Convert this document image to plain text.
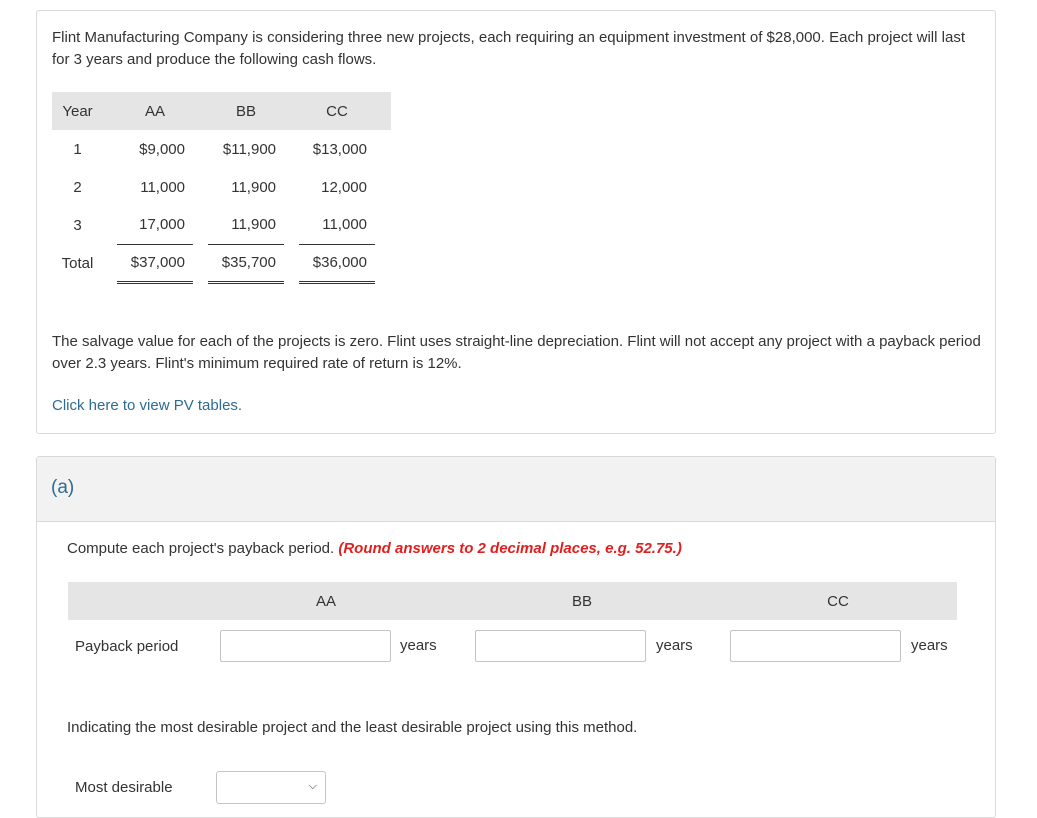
Flint Manufacturing Company is considering three new projects, each requiring an equipment investment of $28,000. Each project will last for 3 years and produce the following cash flows.

Year		AA		BB		CC	
1		$9,000		$11,900		$13,000	
2		11,000		11,900		12,000	
3		17,000		11,900		11,000	
Total		$37,000		$35,700		$36,000	

The salvage value for each of the projects is zero. Flint uses straight-line depreciation. Flint will not accept any project with a payback period over 2.3 years. Flint's minimum required rate of return is 12%.

Click here to view PV tables.
(a)

Compute each project's payback period. (Round answers to 2 decimal places, e.g. 52.75.)

AA	BB	CC
Payback period	years	years	years

Indicating the most desirable project and the least desirable project using this method.

Most desirable	⌵
